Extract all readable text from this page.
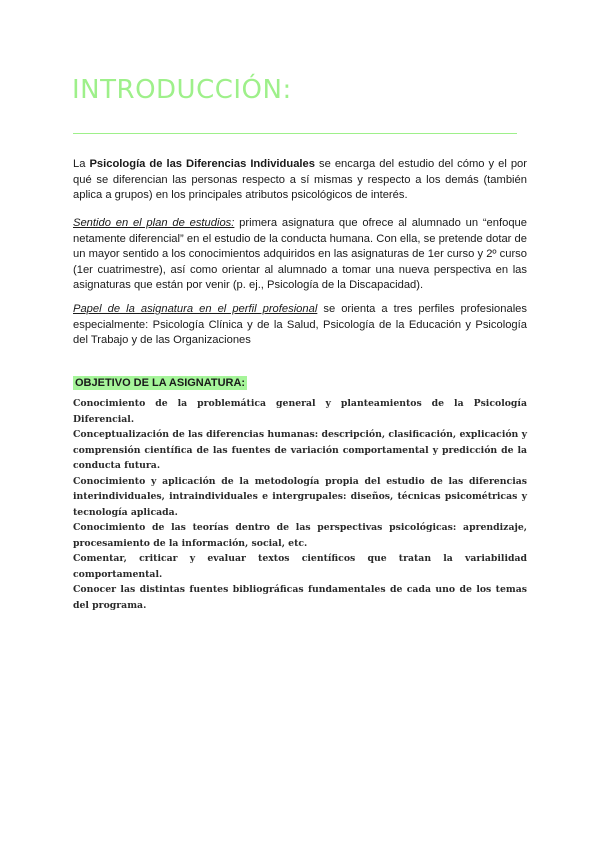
INTRODUCCIÓN:

La Psicología de las Diferencias Individuales se encarga del estudio del cómo y el por qué se diferencian las personas respecto a sí mismas y respecto a los demás (también aplica a grupos) en los principales atributos psicológicos de interés.

Sentido en el plan de estudios: primera asignatura que ofrece al alumnado un “enfoque netamente diferencial” en el estudio de la conducta humana. Con ella, se pretende dotar de un mayor sentido a los conocimientos adquiridos en las asignaturas de 1er curso y 2º curso (1er cuatrimestre), así como orientar al alumnado a tomar una nueva perspectiva en las asignaturas que están por venir (p. ej., Psicología de la Discapacidad).

Papel de la asignatura en el perfil profesional se orienta a tres perfiles profesionales especialmente: Psicología Clínica y de la Salud, Psicología de la Educación y Psicología del Trabajo y de las Organizaciones

OBJETIVO DE LA ASIGNATURA:
Conocimiento de la problemática general y planteamientos de la Psicología Diferencial.
Conceptualización de las diferencias humanas: descripción, clasificación, explicación y comprensión científica de las fuentes de variación comportamental y predicción de la conducta futura.
Conocimiento y aplicación de la metodología propia del estudio de las diferencias interindividuales, intraindividuales e intergrupales: diseños, técnicas psicométricas y tecnología aplicada.
Conocimiento de las teorías dentro de las perspectivas psicológicas: aprendizaje, procesamiento de la información, social, etc.
Comentar, criticar y evaluar textos científicos que tratan la variabilidad comportamental.
Conocer las distintas fuentes bibliográficas fundamentales de cada uno de los temas del programa.
